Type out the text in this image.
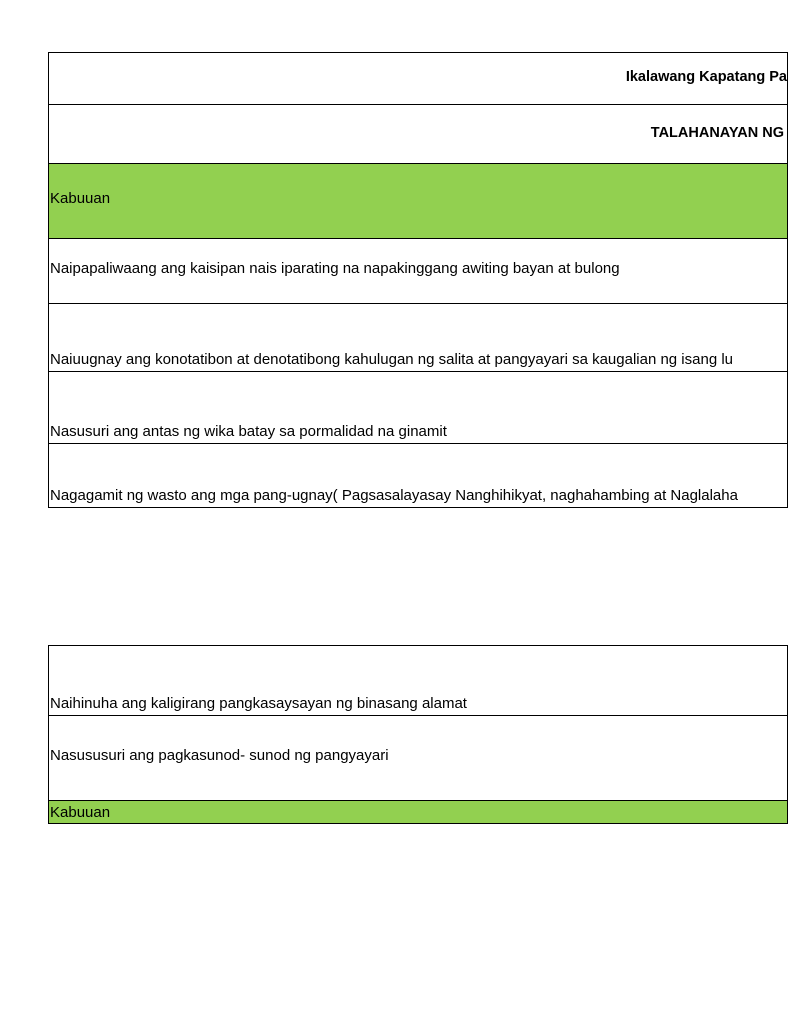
Ikalawang Kapatang Pa
TALAHANAYAN NG
Kabuuan
Naipapaliwaang ang kaisipan nais iparating na napakinggang awiting bayan at bulong
Naiuugnay ang konotatibon at denotatibong kahulugan ng salita at pangyayari sa kaugalian ng isang lu
Nasusuri ang antas ng wika batay sa pormalidad na ginamit
Nagagamit ng wasto ang mga pang-ugnay( Pagsasalayasay Nanghihikyat, naghahambing at Naglalaha
Naihinuha ang kaligirang pangkasaysayan ng binasang alamat
Nasususuri ang pagkasunod- sunod ng pangyayari
Kabuuan
